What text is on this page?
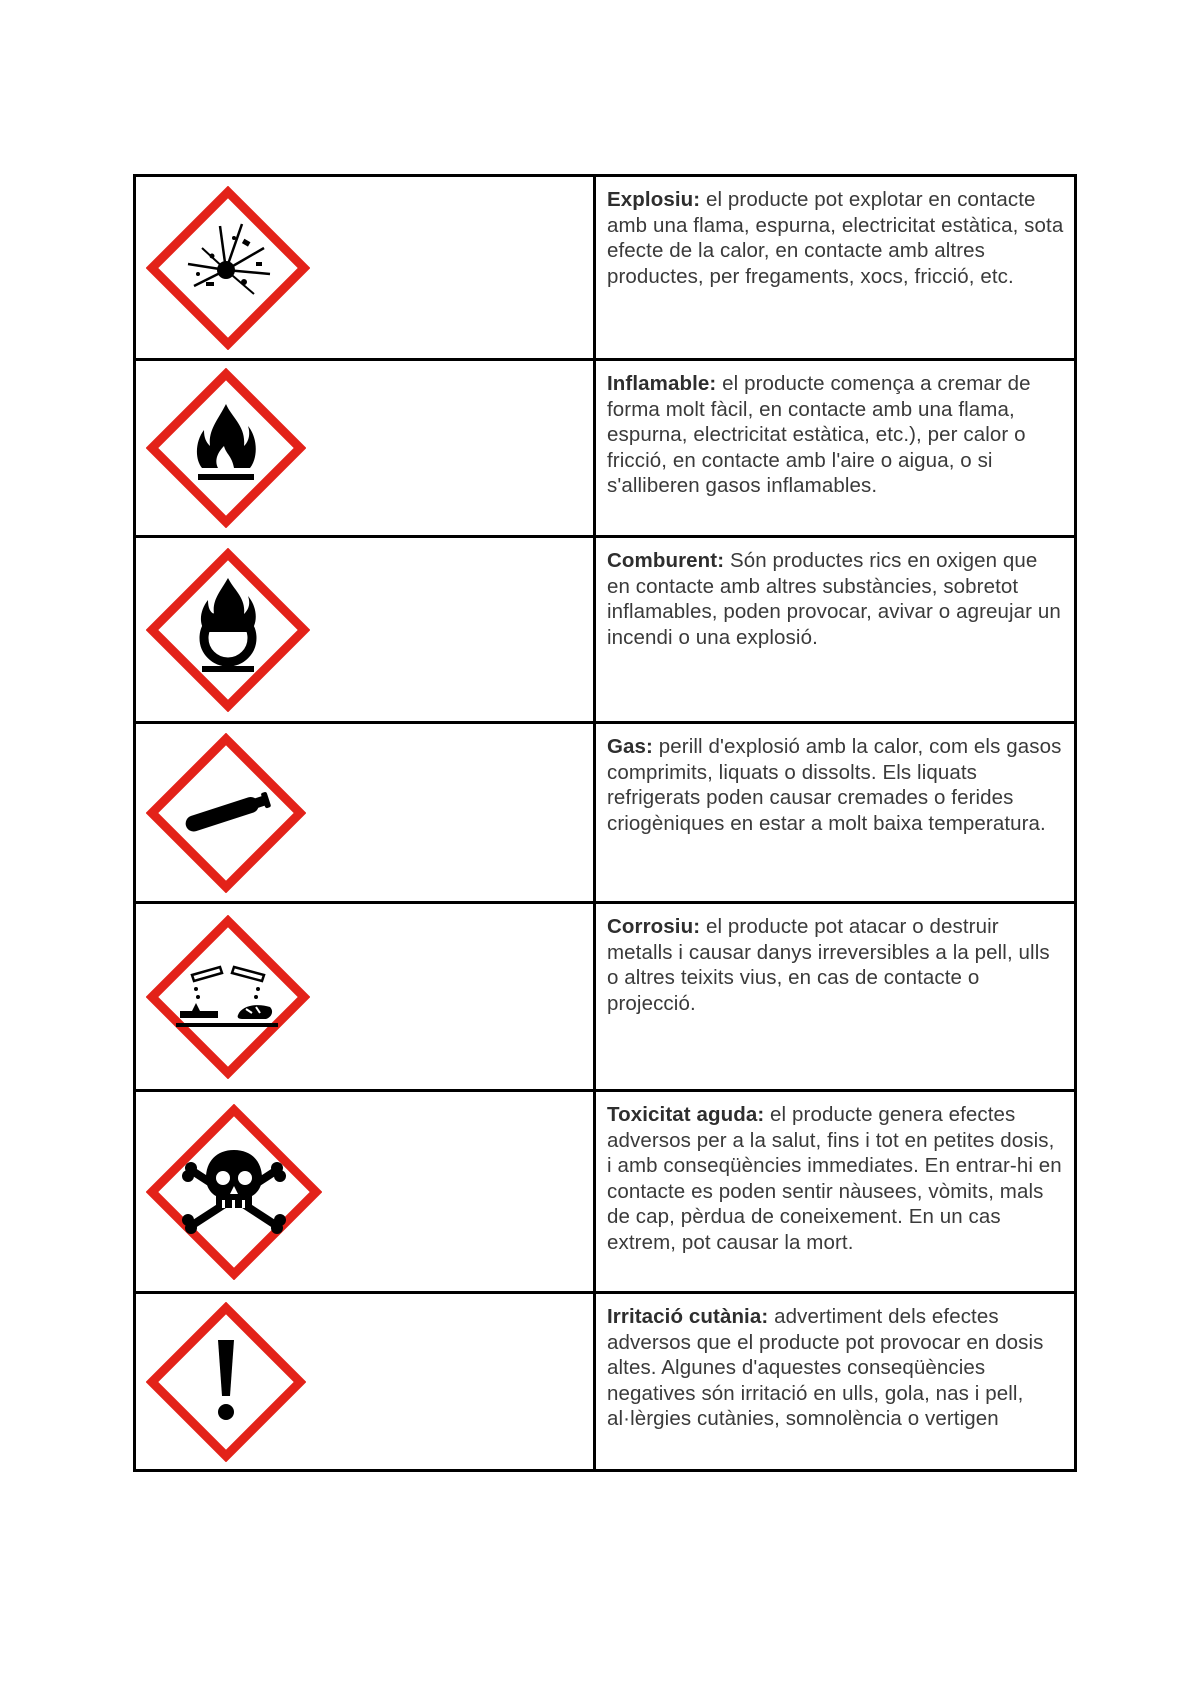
	Explosiu: el producte pot explotar en contacte amb una flama, espurna, electricitat estàtica, sota efecte de la calor, en contacte amb altres productes, per fregaments, xocs, fricció, etc.

	Inflamable: el producte comença a cremar de forma molt fàcil, en contacte amb una flama, espurna, electricitat estàtica, etc.), per calor o fricció, en contacte amb l'aire o aigua, o si s'alliberen gasos inflamables.

	Comburent: Són productes rics en oxigen que en contacte amb altres substàncies, sobretot inflamables, poden provocar, avivar o agreujar un incendi o una explosió.

	Gas: perill d'explosió amb la calor, com els gasos comprimits, liquats o dissolts. Els liquats refrigerats poden causar cremades o ferides criogèniques en estar a molt baixa temperatura.

	Corrosiu: el producte pot atacar o destruir metalls i causar danys irreversibles a la pell, ulls o altres teixits vius, en cas de contacte o projecció.

	Toxicitat aguda: el producte genera efectes adversos per a la salut, fins i tot en petites dosis, i amb conseqüències immediates. En entrar-hi en contacte es poden sentir nàusees, vòmits, mals de cap, pèrdua de coneixement. En un cas extrem, pot causar la mort.

	Irritació cutània: advertiment dels efectes adversos que el producte pot provocar en dosis altes. Algunes d'aquestes conseqüències negatives són irritació en ulls, gola, nas i pell, al·lèrgies cutànies, somnolència o vertigen
